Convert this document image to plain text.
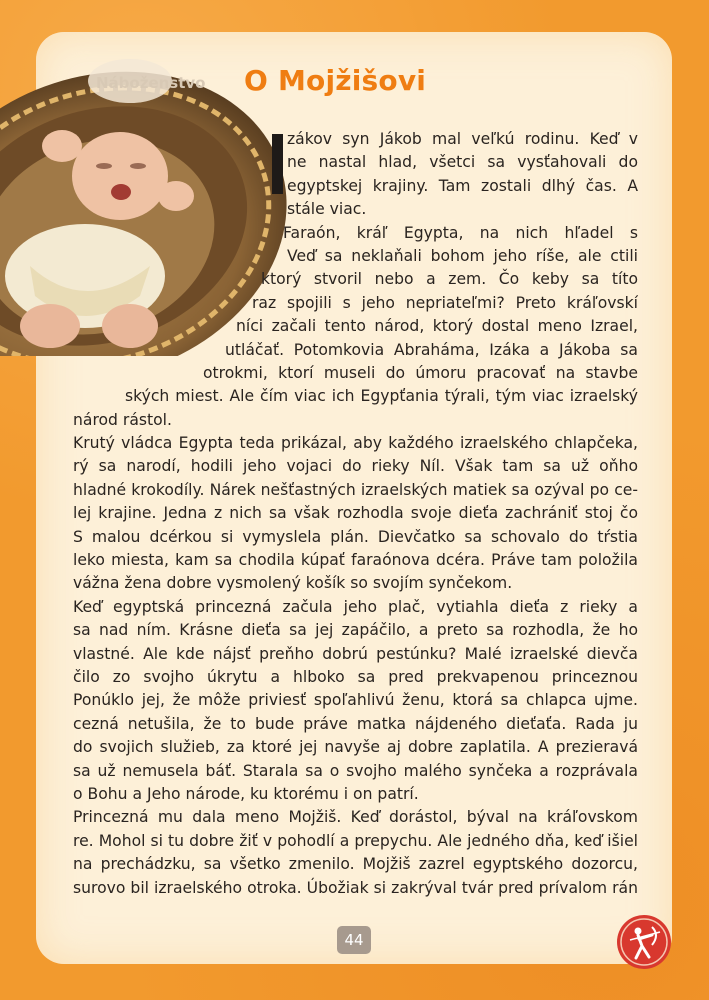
Náboženstvo O Mojžišovi
zákov syn Jákob mal veľkú rodinu. Keď v
ne nastal hlad, všetci sa vysťahovali do
egyptskej krajiny. Tam zostali dlhý čas. A
stále viac.
Faraón, kráľ Egypta, na nich hľadel s
Veď sa neklaňali bohom jeho ríše, ale ctili
ktorý stvoril nebo a zem. Čo keby sa títo
raz spojili s jeho nepriateľmi? Preto kráľovskí
níci začali tento národ, ktorý dostal meno Izrael,
utláčať. Potomkovia Abraháma, Izáka a Jákoba sa
otrokmi, ktorí museli do úmoru pracovať na stavbe
ských miest. Ale čím viac ich Egypťania týrali, tým viac izraelský
národ rástol.
Krutý vládca Egypta teda prikázal, aby každého izraelského chlapčeka,
rý sa narodí, hodili jeho vojaci do rieky Níl. Však tam sa už oňho
hladné krokodíly. Nárek nešťastných izraelských matiek sa ozýval po ce-
lej krajine. Jedna z nich sa však rozhodla svoje dieťa zachrániť stoj čo
S malou dcérkou si vymyslela plán. Dievčatko sa schovalo do tŕstia
leko miesta, kam sa chodila kúpať faraónova dcéra. Práve tam položila
vážna žena dobre vysmolený košík so svojím synčekom.
Keď egyptská princezná začula jeho plač, vytiahla dieťa z rieky a
sa nad ním. Krásne dieťa sa jej zapáčilo, a preto sa rozhodla, že ho
vlastné. Ale kde nájsť preňho dobrú pestúnku? Malé izraelské dievča
čilo zo svojho úkrytu a hlboko sa pred prekvapenou princeznou
Ponúklo jej, že môže priviesť spoľahlivú ženu, ktorá sa chlapca ujme.
cezná netušila, že to bude práve matka nájdeného dieťaťa. Rada ju
do svojich služieb, za ktoré jej navyše aj dobre zaplatila. A prezieravá
sa už nemusela báť. Starala sa o svojho malého synčeka a rozprávala
o Bohu a Jeho národe, ku ktorému i on patrí.
Princezná mu dala meno Mojžiš. Keď dorástol, býval na kráľovskom
re. Mohol si tu dobre žiť v pohodlí a prepychu. Ale jedného dňa, keď išiel
na prechádzku, sa všetko zmenilo. Mojžiš zazrel egyptského dozorcu,
surovo bil izraelského otroka. Úbožiak si zakrýval tvár pred prívalom rán
44
